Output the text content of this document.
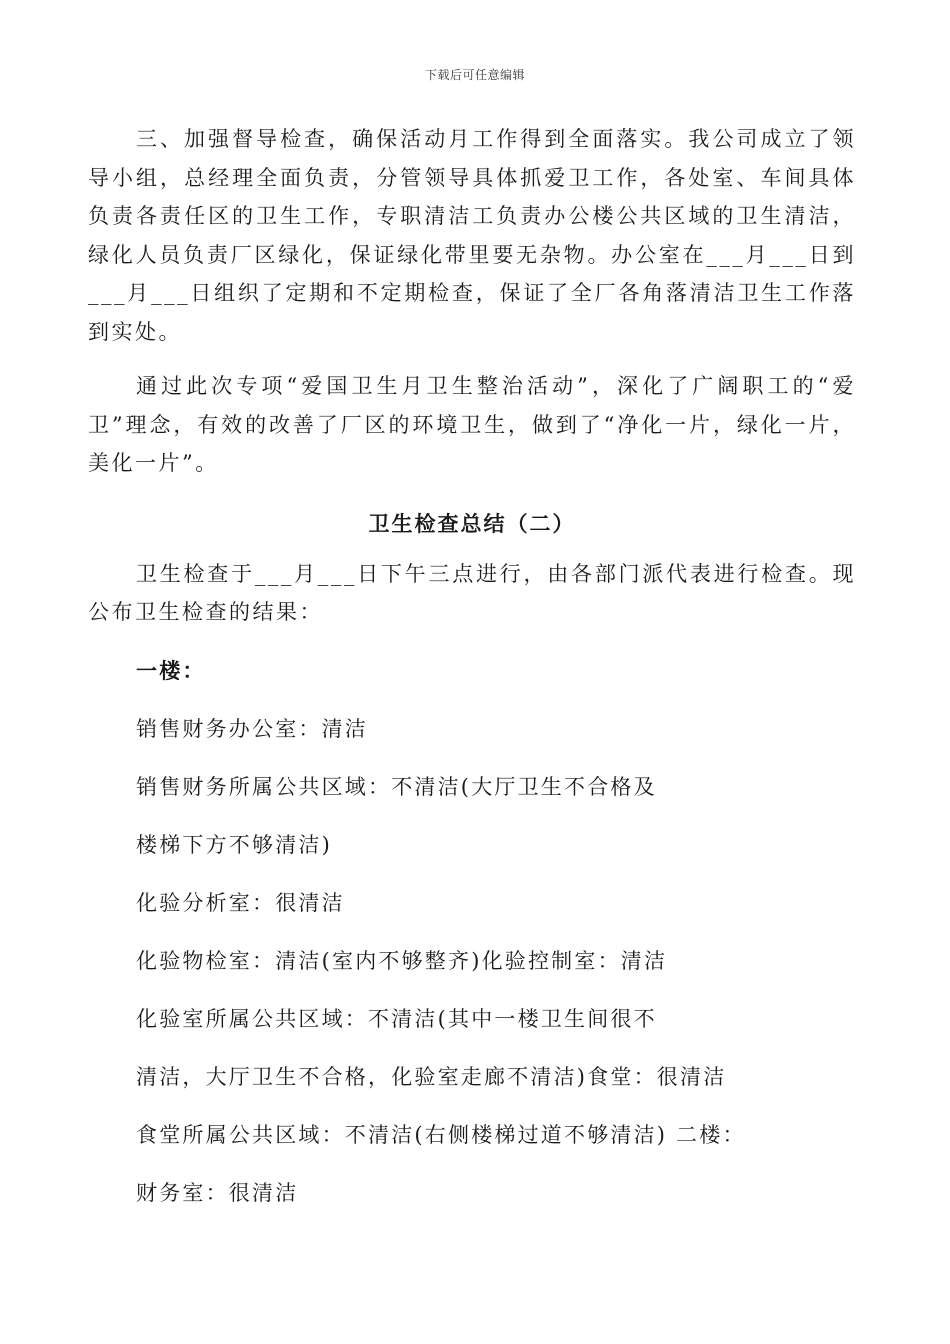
下载后可任意编辑

三、加强督导检查，确保活动月工作得到全面落实。我公司成立了领导小组，总经理全面负责，分管领导具体抓爱卫工作，各处室、车间具体负责各责任区的卫生工作，专职清洁工负责办公楼公共区域的卫生清洁，绿化人员负责厂区绿化，保证绿化带里要无杂物。办公室在___月___日到___月___日组织了定期和不定期检查，保证了全厂各角落清洁卫生工作落到实处。

通过此次专项“爱国卫生月卫生整治活动”，深化了广阔职工的“爱卫”理念，有效的改善了厂区的环境卫生，做到了“净化一片，绿化一片，美化一片”。

卫生检查总结（二）

卫生检查于___月___日下午三点进行，由各部门派代表进行检查。现公布卫生检查的结果：

一楼：
销售财务办公室：清洁
销售财务所属公共区域：不清洁(大厅卫生不合格及
楼梯下方不够清洁)
化验分析室：很清洁
化验物检室：清洁(室内不够整齐)化验控制室：清洁
化验室所属公共区域：不清洁(其中一楼卫生间很不
清洁，大厅卫生不合格，化验室走廊不清洁)食堂：很清洁
食堂所属公共区域：不清洁(右侧楼梯过道不够清洁) 二楼：
财务室：很清洁
